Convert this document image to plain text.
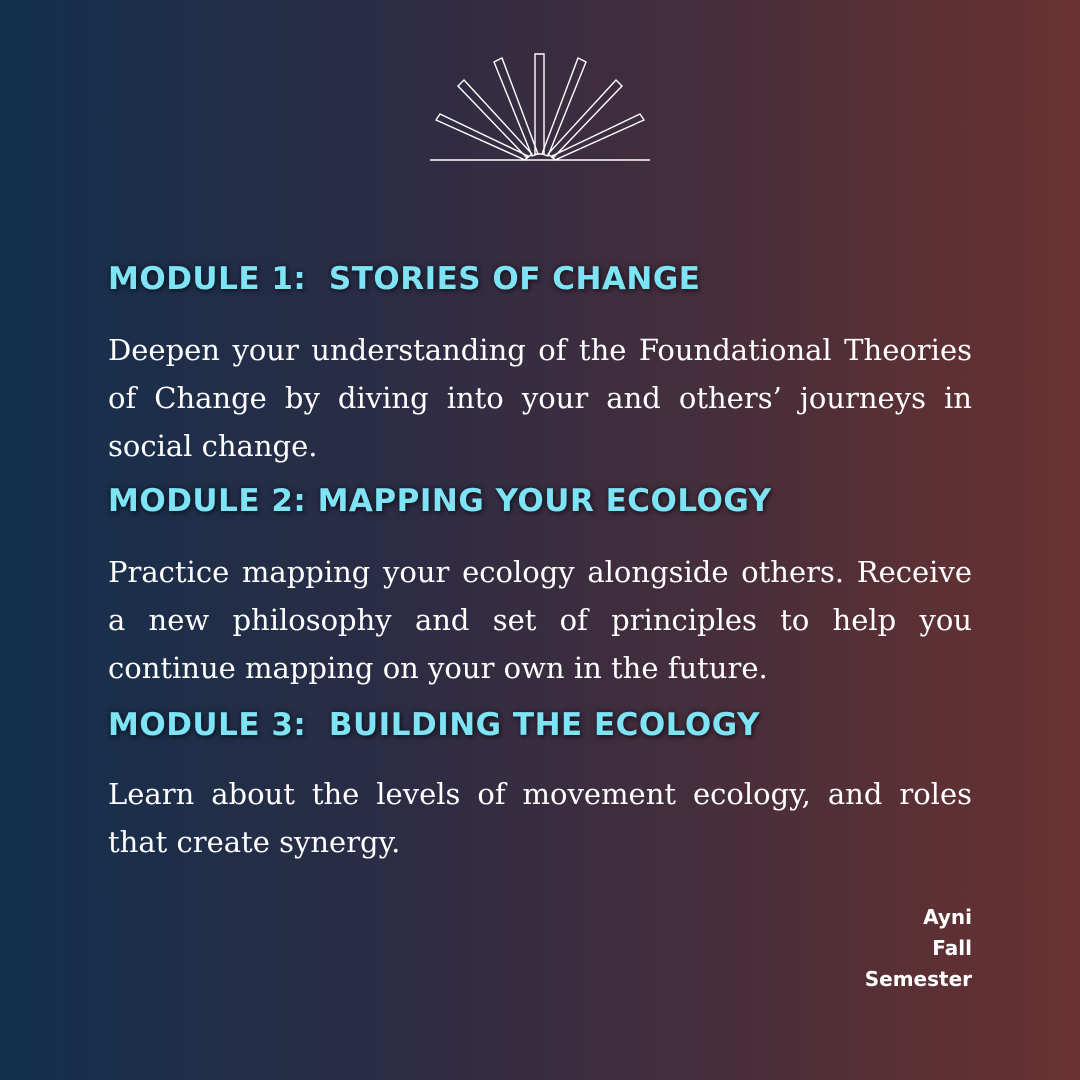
MODULE 1:  STORIES OF CHANGE

Deepen your understanding of the Foundational Theories of Change by diving into your and others’ journeys in social change.

MODULE 2: MAPPING YOUR ECOLOGY

Practice mapping your ecology alongside others. Receive a new philosophy and set of principles to help you continue mapping on your own in the future.

MODULE 3:  BUILDING THE ECOLOGY

Learn about the levels of movement ecology, and roles that create synergy.

Ayni
Fall
Semester
